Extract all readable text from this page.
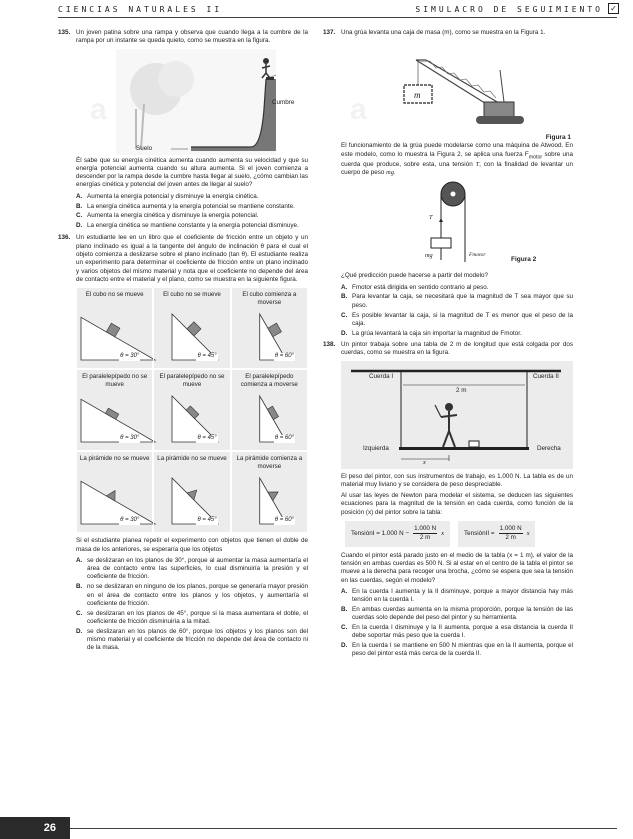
CIENCIAS NATURALES II	SIMULACRO DE SEGUIMIENTO ✓
a	a
135. Un joven patina sobre una rampa y observa que cuando llega a la cumbre de la rampa por un instante se queda quieto, como se muestra en la figura.

Cumbre
Suelo

Él sabe que su energía cinética aumenta cuando aumenta su velocidad y que su energía potencial aumenta cuando su altura aumenta. Si el joven comienza a descender por la rampa desde la cumbre hasta llegar al suelo, ¿cómo cambian las energías cinética y potencial del joven antes de llegar al suelo?

A. Aumenta la energía potencial y disminuye la energía cinética.
B. La energía cinética aumenta y la energía potencial se mantiene constante.
C. Aumenta la energía cinética y disminuye la energía potencial.
D. La energía cinética se mantiene constante y la energía potencial disminuye.
136. Un estudiante lee en un libro que el coeficiente de fricción entre un objeto y un plano inclinado es igual a la tangente del ángulo de inclinación θ para el cual el objeto comienza a deslizarse sobre el plano inclinado (tan θ). El estudiante realiza un experimento para determinar el coeficiente de fricción entre un plano inclinado y varios objetos del mismo material y nota que el coeficiente no depende del área de contacto entre el material y el plano, como se muestra en la siguiente figura.

El cubo no se mueve
θ = 30°
El cubo no se mueve
θ = 45°
El cubo comienza a moverse
θ = 60°
El paralelepípedo no se mueve
θ = 30°
El paralelepípedo no se mueve
θ = 45°
El paralelepípedo comienza a moverse
θ = 60°
La pirámide no se mueve
θ = 30°
La pirámide no se mueve
θ = 45°
La pirámide comienza a moverse
θ = 60°

Si el estudiante planea repetir el experimento con objetos que tienen el doble de masa de los anteriores, se esperaría que los objetos

A. se deslizaran en los planos de 30°, porque al aumentar la masa aumentaría el área de contacto entre las superficies, lo cual disminuiría la presión y el coeficiente de fricción.
B. no se deslizaran en ninguno de los planos, porque se generaría mayor presión en el área de contacto entre los planos y los objetos, y aumentaría el coeficiente de fricción.
C. se deslizaran en los planos de 45°, porque si la masa aumentara el doble, el coeficiente de fricción disminuiría a la mitad.
D. se deslizaran en los planos de 60°, porque los objetos y los planos son del mismo material y el coeficiente de fricción no depende del área de contacto ni de la masa.
137. Una grúa levanta una caja de masa (m), como se muestra en la Figura 1.

m
Figura 1

El funcionamiento de la grúa puede modelarse como una máquina de Atwood. En este modelo, como lo muestra la Figura 2, se aplica una fuerza $F_{motor}$ sobre una cuerda que produce, sobre esta, una tensión T, con la finalidad de levantar un cuerpo de peso mg.

T
mg	Fmotor
Figura 2

¿Qué predicción puede hacerse a partir del modelo?

A. Fmotor está dirigida en sentido contrario al peso.
B. Para levantar la caja, se necesitará que la magnitud de T sea mayor que su peso.
C. Es posible levantar la caja, si la magnitud de T es menor que el peso de la caja.
D. La grúa levantará la caja sin importar la magnitud de Fmotor.
138. Un pintor trabaja sobre una tabla de 2 m de longitud que está colgada por dos cuerdas, como se muestra en la figura.

Cuerda I	Cuerda II
2 m
Izquierda	Derecha
x

El peso del pintor, con sus instrumentos de trabajo, es 1.000 N. La tabla es de un material muy liviano y se considera de peso despreciable.

Al usar las leyes de Newton para modelar el sistema, se deducen las siguientes ecuaciones para la magnitud de la tensión en cada cuerda, como función de la posición (x) del pintor sobre la tabla:

TensiónI = 1.000 $N - \frac{1.000 N}{2 m}$ x	TensiónII = $\frac{1.000 N}{2 m}$ x

Cuando el pintor está parado justo en el medio de la tabla (x = 1 m), el valor de la tensión en ambas cuerdas es 500 N. Si al estar en el centro de la tabla el pintor se mueve a la derecha para recoger una brocha, ¿cómo se espera que sea la tensión en las cuerdas, según el modelo?

A. En la cuerda I aumenta y la II disminuye, porque a mayor distancia hay más tensión en la cuerda I.
B. En ambas cuerdas aumenta en la misma proporción, porque la tensión de las cuerdas solo depende del peso del pintor y su herramienta.
C. En la cuerda I disminuye y la II aumenta, porque a esa distancia la cuerda II debe soportar más peso que la cuerda I.
D. En la cuerda I se mantiene en 500 N mientras que en la II aumenta, porque el peso del pintor está más cerca de la cuerda II.
26
